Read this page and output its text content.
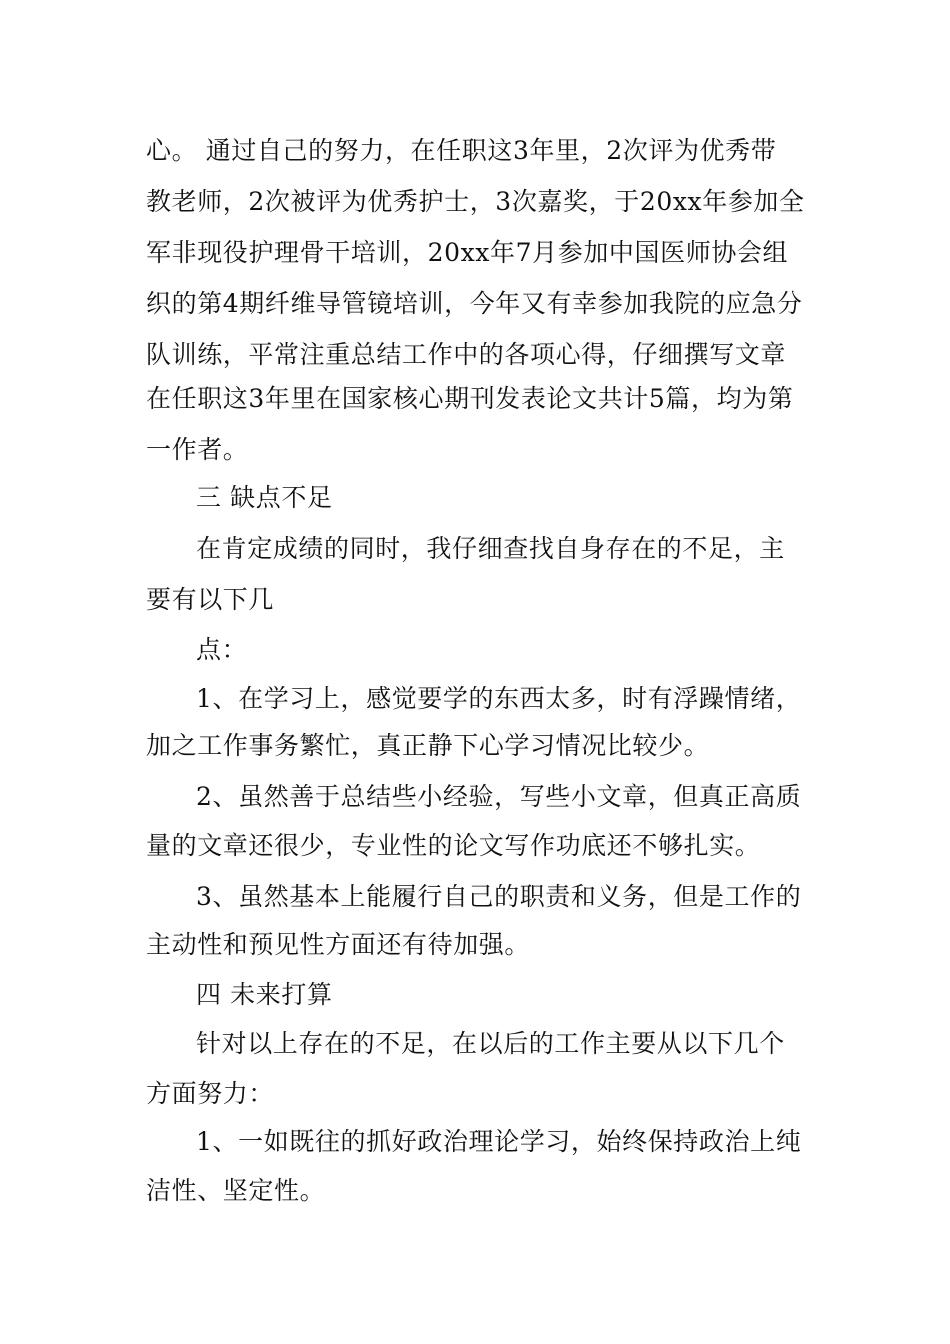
心。 通过自己的努力，在任职这3年里，2次评为优秀带
教老师，2次被评为优秀护士，3次嘉奖，于20xx年参加全
军非现役护理骨干培训，20xx年7月参加中国医师协会组
织的第4期纤维导管镜培训，今年又有幸参加我院的应急分
队训练，平常注重总结工作中的各项心得，仔细撰写文章
在任职这3年里在国家核心期刊发表论文共计5篇，均为第
一作者。
三 缺点不足
在肯定成绩的同时，我仔细查找自身存在的不足，主
要有以下几
点：
1、在学习上，感觉要学的东西太多，时有浮躁情绪，
加之工作事务繁忙，真正静下心学习情况比较少。
2、虽然善于总结些小经验，写些小文章，但真正高质
量的文章还很少，专业性的论文写作功底还不够扎实。
3、虽然基本上能履行自己的职责和义务，但是工作的
主动性和预见性方面还有待加强。
四 未来打算
针对以上存在的不足，在以后的工作主要从以下几个
方面努力：
1、一如既往的抓好政治理论学习，始终保持政治上纯
洁性、坚定性。
